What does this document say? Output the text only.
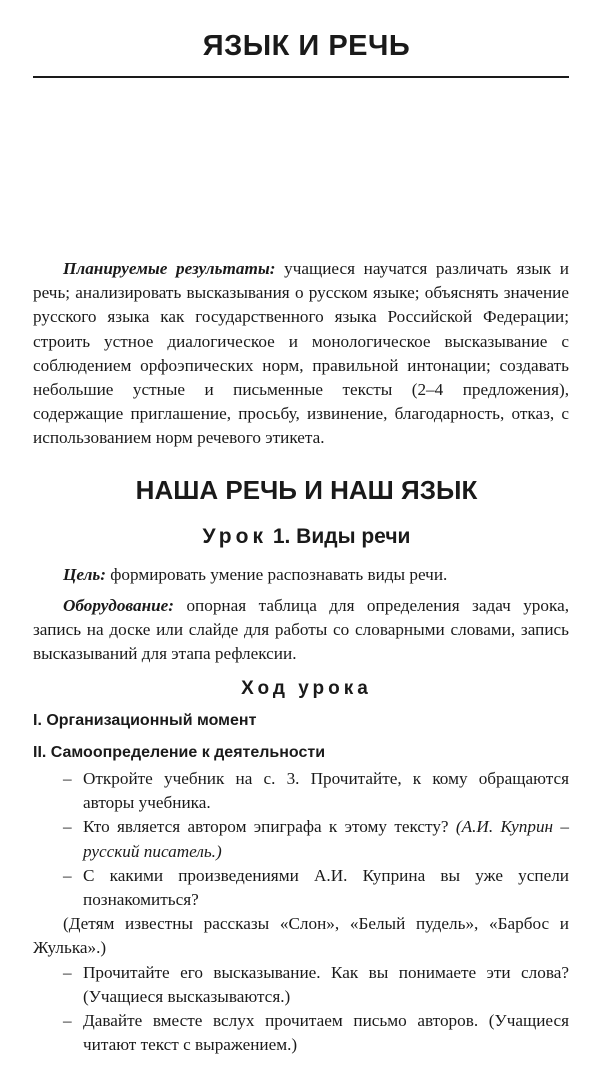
ЯЗЫК И РЕЧЬ

Планируемые результаты: учащиеся научатся различать язык и речь; анализировать высказывания о русском языке; объяснять значение русского языка как государственного языка Российской Федерации; строить устное диалогическое и монологическое высказывание с соблюдением орфоэпических норм, правильной интонации; создавать небольшие устные и письменные тексты (2–4 предложения), содержащие приглашение, просьбу, извинение, благодарность, отказ, с использованием норм речевого этикета.

НАША РЕЧЬ И НАШ ЯЗЫК
Урок 1. Виды речи

Цель: формировать умение распознавать виды речи.

Оборудование: опорная таблица для определения задач урока, запись на доске или слайде для работы со словарными словами, запись высказываний для этапа рефлексии.

Ход урока
I. Организационный момент
II. Самоопределение к деятельности

– Откройте учебник на с. 3. Прочитайте, к кому обращаются авторы учебника.

– Кто является автором эпиграфа к этому тексту? (А.И. Куприн – русский писатель.)

– С какими произведениями А.И. Куприна вы уже успели познакомиться?

(Детям известны рассказы «Слон», «Белый пудель», «Барбос и Жулька».)

– Прочитайте его высказывание. Как вы понимаете эти слова? (Учащиеся высказываются.)

– Давайте вместе вслух прочитаем письмо авторов. (Учащиеся читают текст с выражением.)
